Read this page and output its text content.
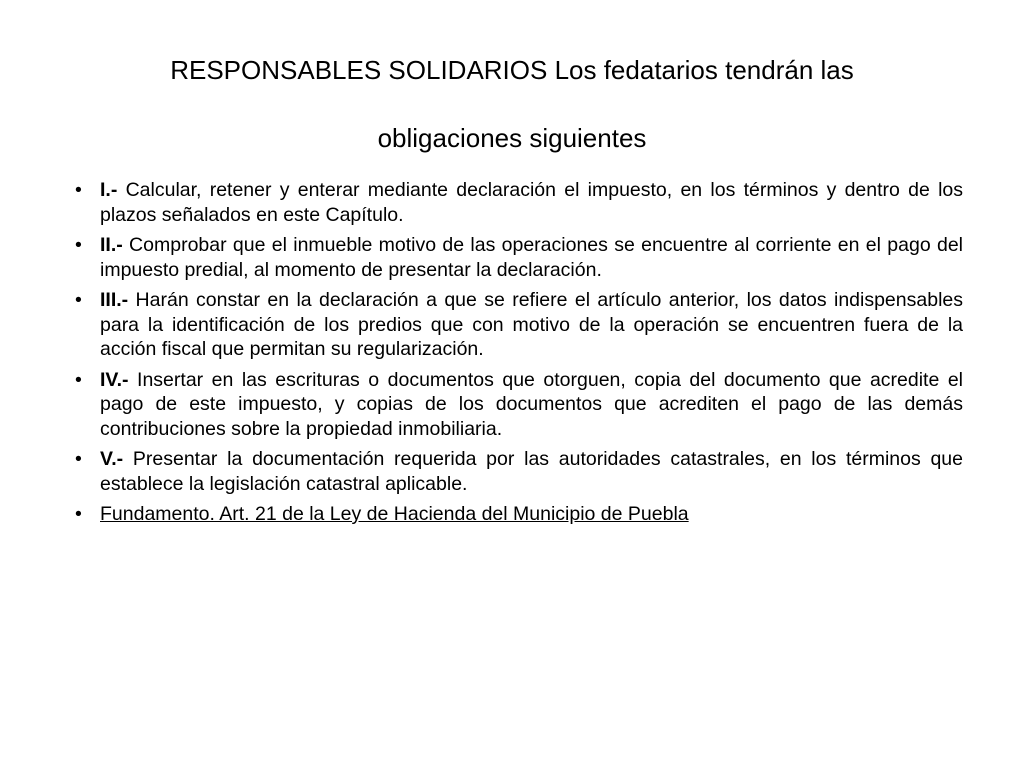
RESPONSABLES SOLIDARIOS Los fedatarios tendrán las
obligaciones siguientes
• I.- Calcular, retener y enterar mediante declaración el impuesto, en los términos y dentro de los plazos señalados en este Capítulo.
• II.- Comprobar que el inmueble motivo de las operaciones se encuentre al corriente en el pago del impuesto predial, al momento de presentar la declaración.
• III.- Harán constar en la declaración a que se refiere el artículo anterior, los datos indispensables para la identificación de los predios que con motivo de la operación se encuentren fuera de la acción fiscal que permitan su regularización.
• IV.- Insertar en las escrituras o documentos que otorguen, copia del documento que acredite el pago de este impuesto, y copias de los documentos que acrediten el pago de las demás contribuciones sobre la propiedad inmobiliaria.
• V.- Presentar la documentación requerida por las autoridades catastrales, en los términos que establece la legislación catastral aplicable.
• Fundamento. Art. 21 de la Ley de Hacienda del Municipio de Puebla
